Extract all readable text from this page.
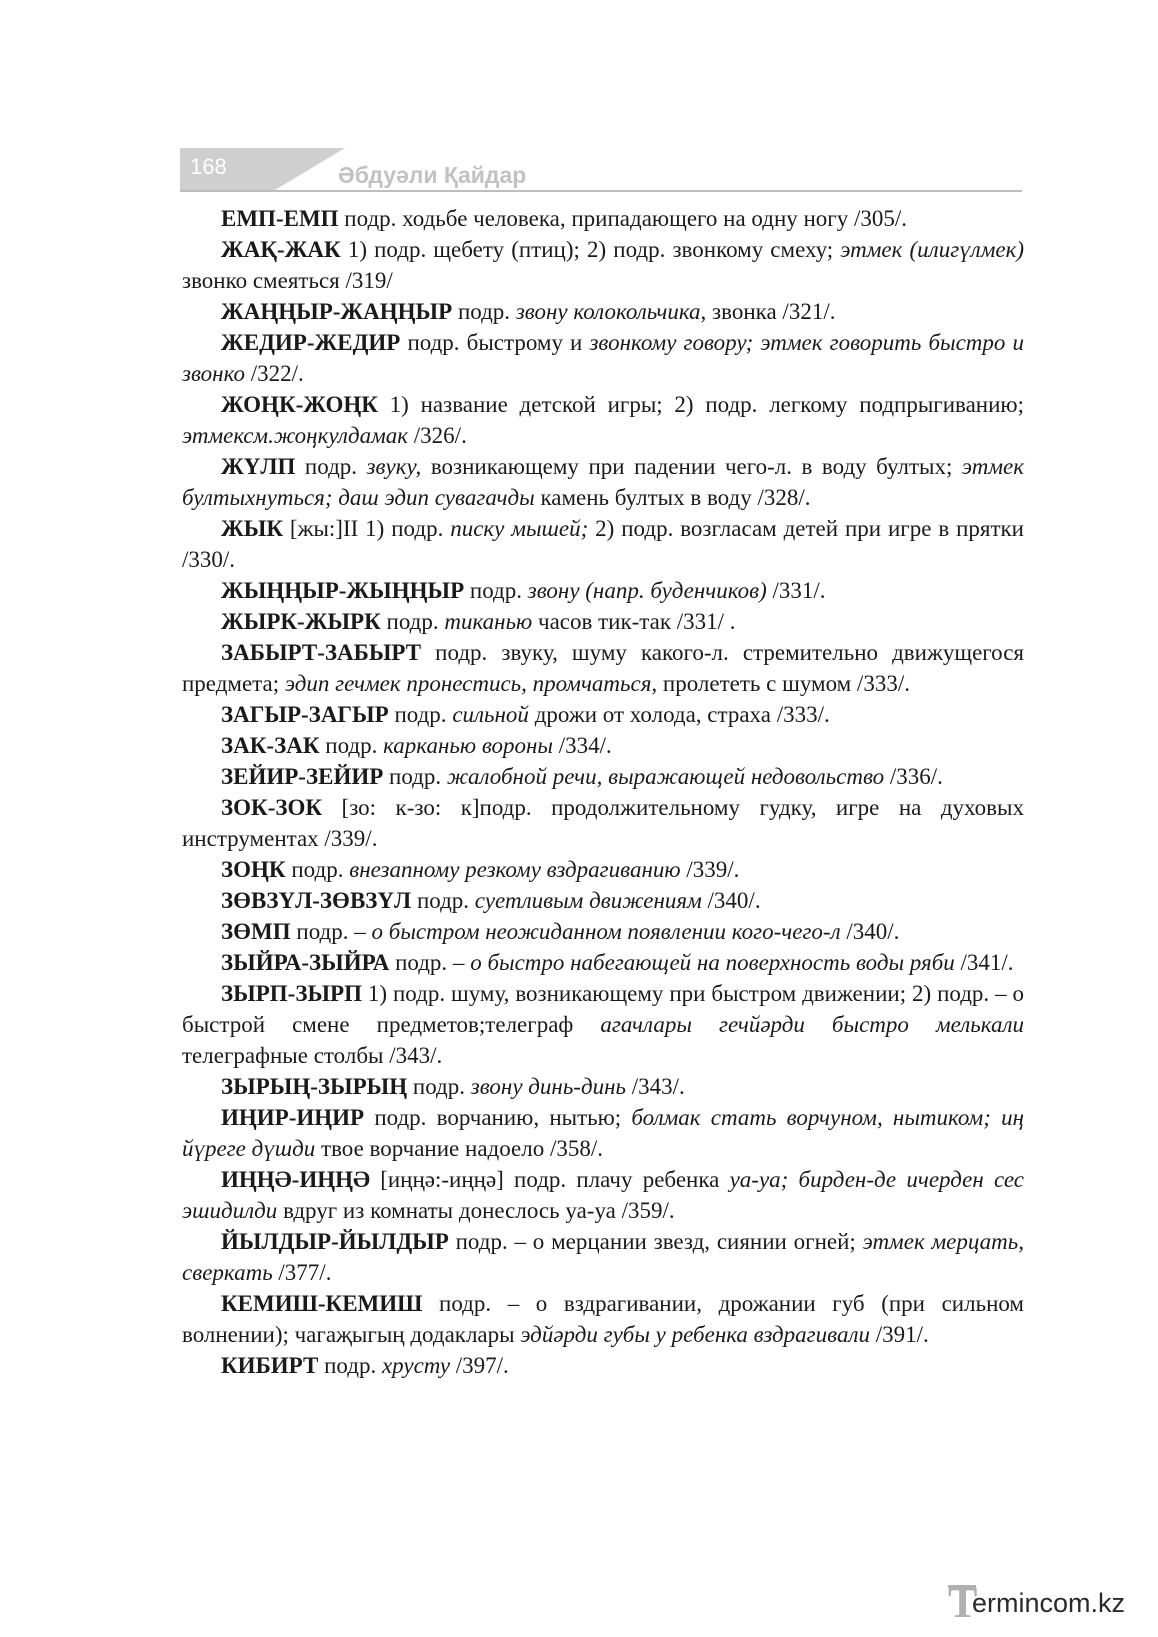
168	Әбдуәли Қайдар

ЕМП-ЕМП подр. ходьбе человека, припадающего на одну ногу /305/.

ЖАҚ-ЖАК 1) подр. щебету (птиц); 2) подр. звонкому смеху; этмек (илигүлмек) звонко смеяться /319/

ЖАҢҢЫР-ЖАҢҢЫР подр. звону колокольчика, звонка /321/.

ЖЕДИР-ЖЕДИР подр. быстрому и звонкому говору; этмек говорить быстро и звонко /322/.

ЖОҢК-ЖОҢК 1) название детской игры; 2) подр. легкому подпрыгиванию; этмексм.жоңкулдамак /326/.

ЖҮЛП подр. звуку, возникающему при падении чего-л. в воду бултых; этмек бултыхнуться; даш эдип сувагачды камень бултых в воду /328/.

ЖЫК [жы:]II 1) подр. писку мышей; 2) подр. возгласам детей при игре в прятки /330/.

ЖЫҢҢЫР-ЖЫҢҢЫР подр. звону (напр. буденчиков) /331/.

ЖЫРК-ЖЫРК подр. тиканью часов тик-так /331/ .

ЗАБЫРТ-ЗАБЫРТ подр. звуку, шуму какого-л. стремительно движущегося предмета; эдип гечмек пронестись, промчаться, пролететь с шумом /333/.

ЗАГЫР-ЗАГЫР подр. сильной дрожи от холода, страха /333/.

ЗАК-ЗАК подр. карканью вороны /334/.

ЗЕЙИР-ЗЕЙИР подр. жалобной речи, выражающей недовольство /336/.

ЗОК-ЗОК [зо: к-зо: к]подр. продолжительному гудку, игре на духовых инструментах /339/.

ЗОҢК подр. внезапному резкому вздрагиванию /339/.

ЗӨВЗҮЛ-ЗӨВЗҮЛ подр. суетливым движениям /340/.

ЗӨМП подр. – о быстром неожиданном появлении кого-чего-л /340/.

ЗЫЙРА-ЗЫЙРА подр. – о быстро набегающей на поверхность воды ряби /341/.

ЗЫРП-ЗЫРП 1) подр. шуму, возникающему при быстром движении; 2) подр. – о быстрой смене предметов;телеграф агачлары гечйәрди быстро мелькали телеграфные столбы /343/.

ЗЫРЫҢ-ЗЫРЫҢ подр. звону динь-динь /343/.

ИҢИР-ИҢИР подр. ворчанию, нытью; болмак стать ворчуном, нытиком; иң йүреге дүшди твое ворчание надоело /358/.

ИҢҢӘ-ИҢҢӘ [иңңә:-иңңә] подр. плачу ребенка уа-уа; бирден-де ичерден сес эшидилди вдруг из комнаты донеслось уа-уа /359/.

ЙЫЛДЫР-ЙЫЛДЫР подр. – о мерцании звезд, сиянии огней; этмек мерцать, сверкать /377/.

КЕМИШ-КЕМИШ подр. – о вздрагивании, дрожании губ (при сильном волнении); чагаҗыгың додаклары эдйәрди губы у ребенка вздрагивали /391/.

КИБИРТ подр. хрусту /397/.

T
ermincom.kz
